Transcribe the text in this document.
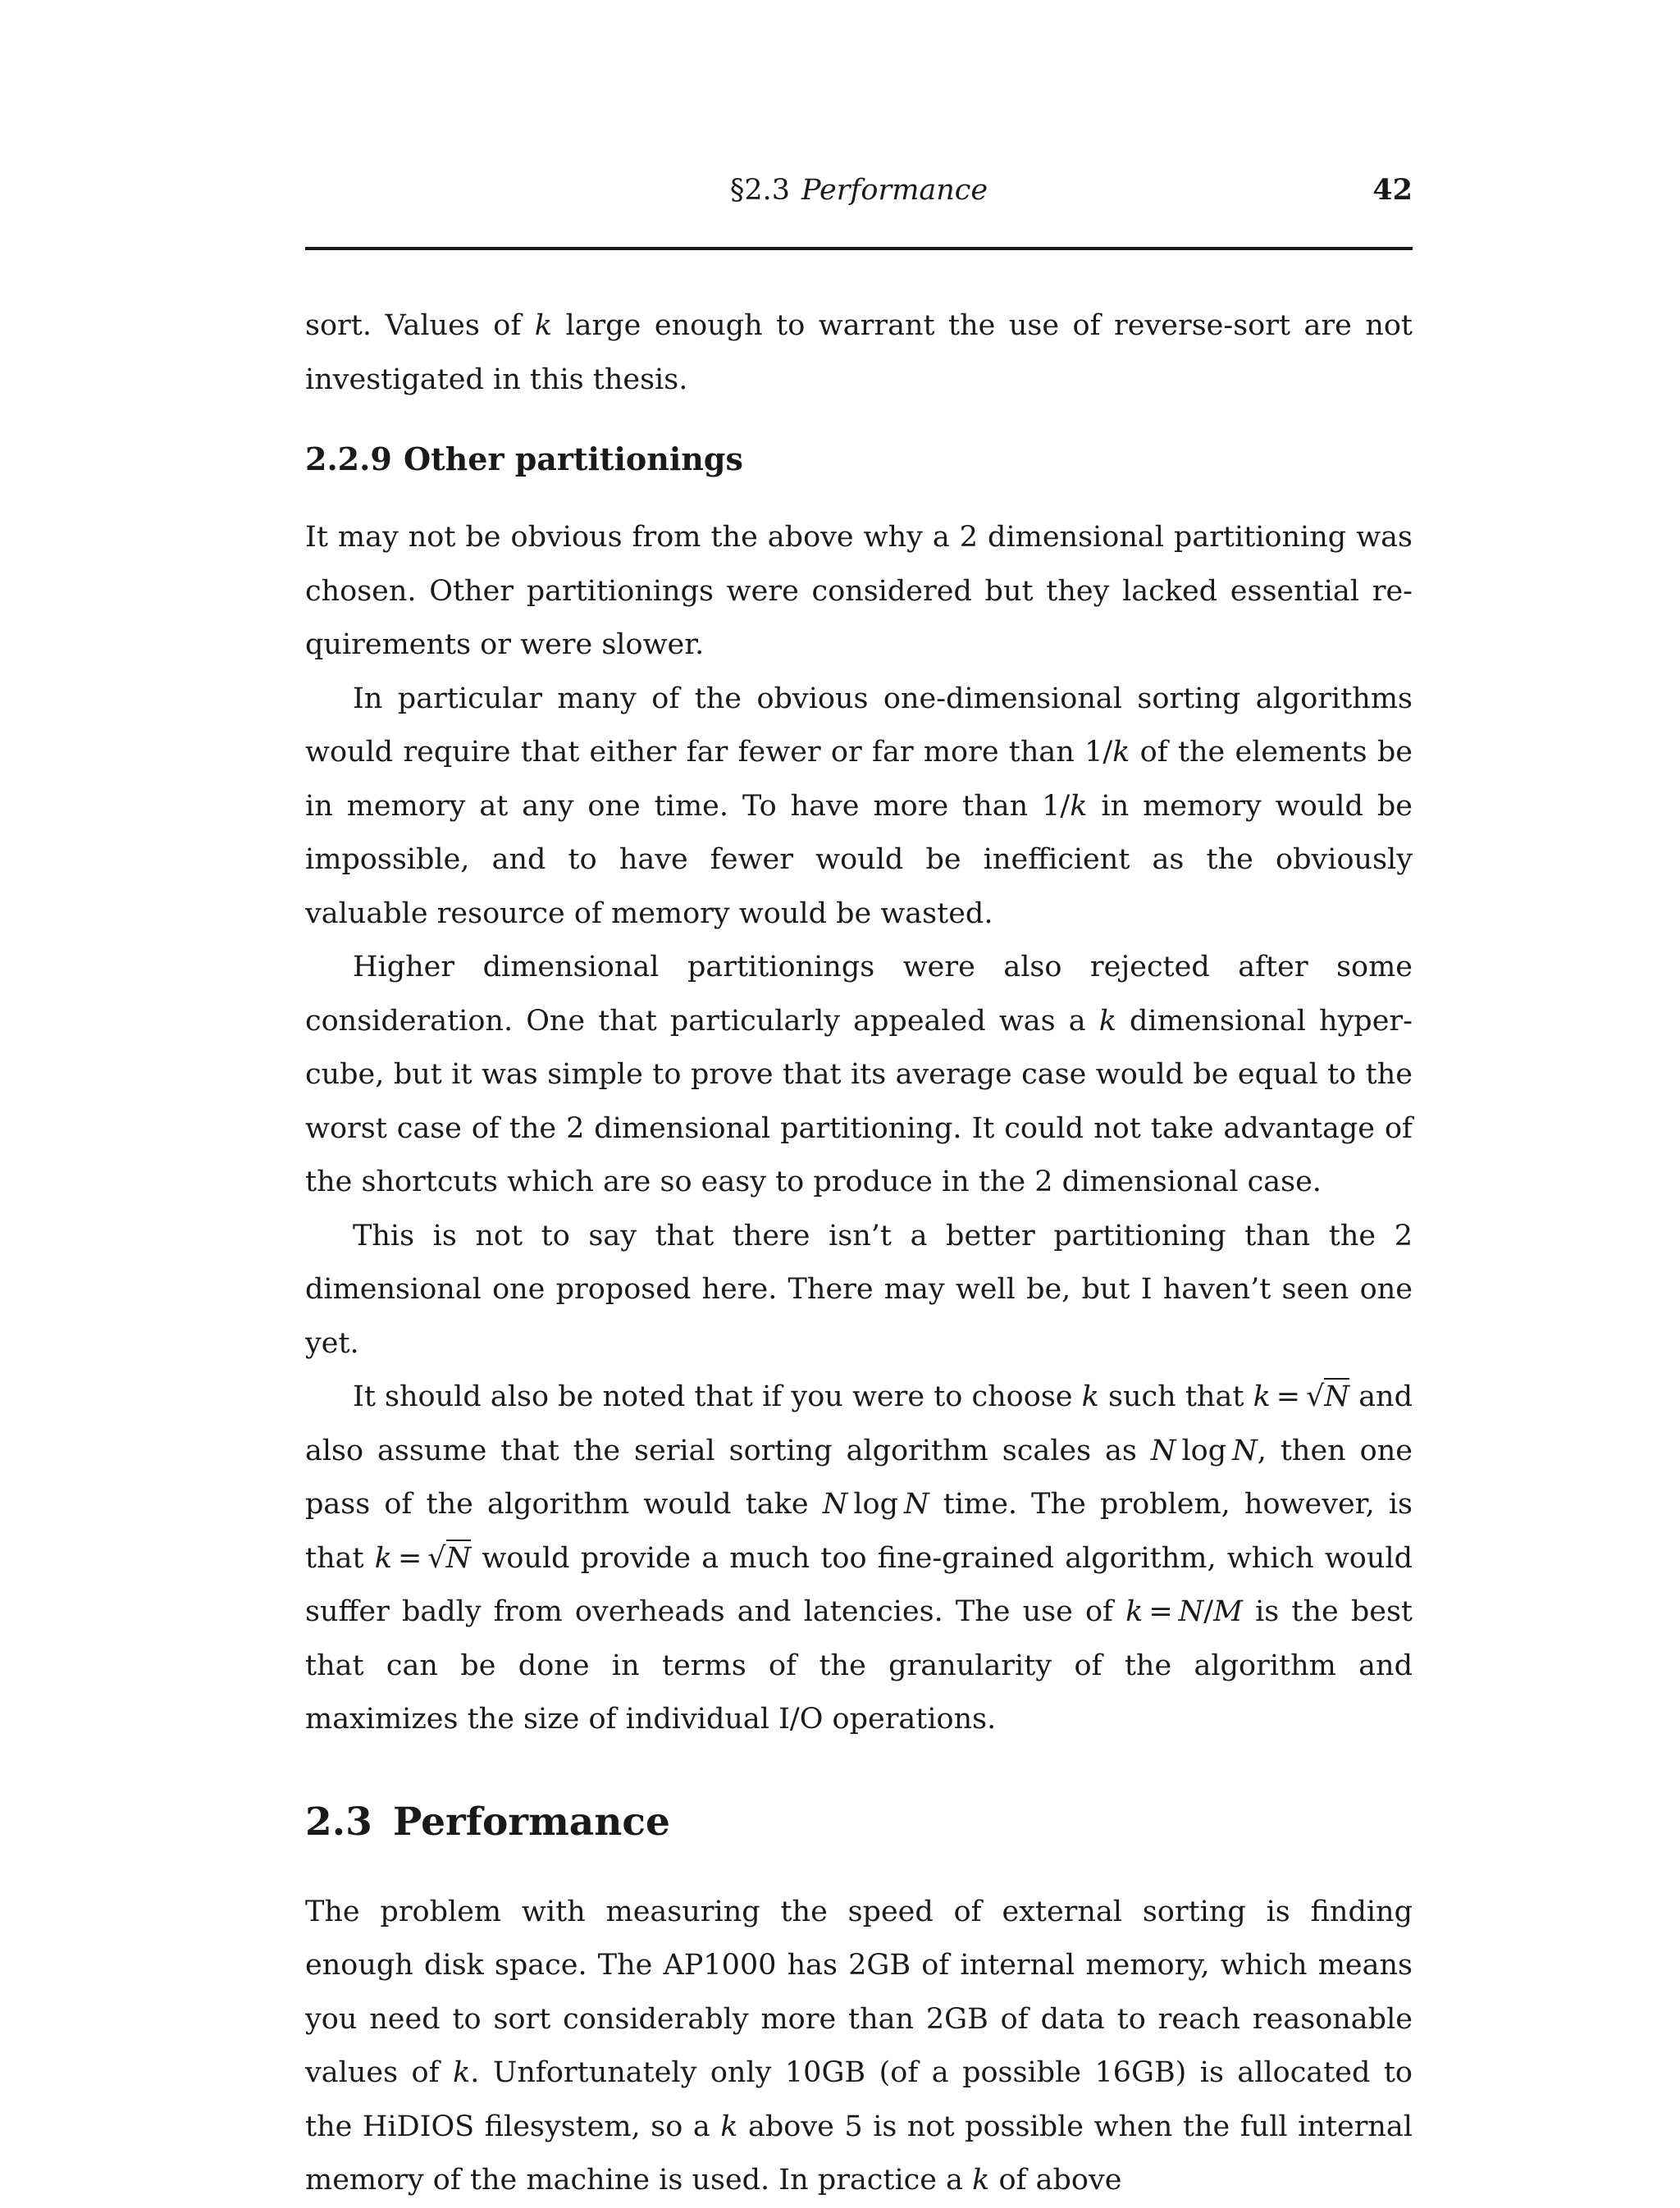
§2.3 Performance	42

sort. Values of k large enough to warrant the use of reverse-sort are not investigated in this thesis.

2.2.9 Other partitionings

It may not be obvious from the above why a 2 dimensional partitioning was chosen. Other partitionings were considered but they lacked essential requirements or were slower.

In particular many of the obvious one-dimensional sorting algorithms would require that either far fewer or far more than 1/k of the elements be in memory at any one time. To have more than 1/k in memory would be impossible, and to have fewer would be inefficient as the obviously valuable resource of memory would be wasted.

Higher dimensional partitionings were also rejected after some consideration. One that particularly appealed was a k dimensional hyper-cube, but it was simple to prove that its average case would be equal to the worst case of the 2 dimensional partitioning. It could not take advantage of the shortcuts which are so easy to produce in the 2 dimensional case.

This is not to say that there isn’t a better partitioning than the 2 dimensional one proposed here. There may well be, but I haven’t seen one yet.

It should also be noted that if you were to choose k such that k = √N and also assume that the serial sorting algorithm scales as N log N, then one pass of the algorithm would take N log N time. The problem, however, is that k = √N would provide a much too fine-grained algorithm, which would suffer badly from overheads and latencies. The use of k = N/M is the best that can be done in terms of the granularity of the algorithm and maximizes the size of individual I/O operations.

2.3 Performance

The problem with measuring the speed of external sorting is finding enough disk space. The AP1000 has 2GB of internal memory, which means you need to sort considerably more than 2GB of data to reach reasonable values of k. Unfortunately only 10GB (of a possible 16GB) is allocated to the HiDIOS filesystem, so a k above 5 is not possible when the full internal memory of the machine is used. In practice a k of above
